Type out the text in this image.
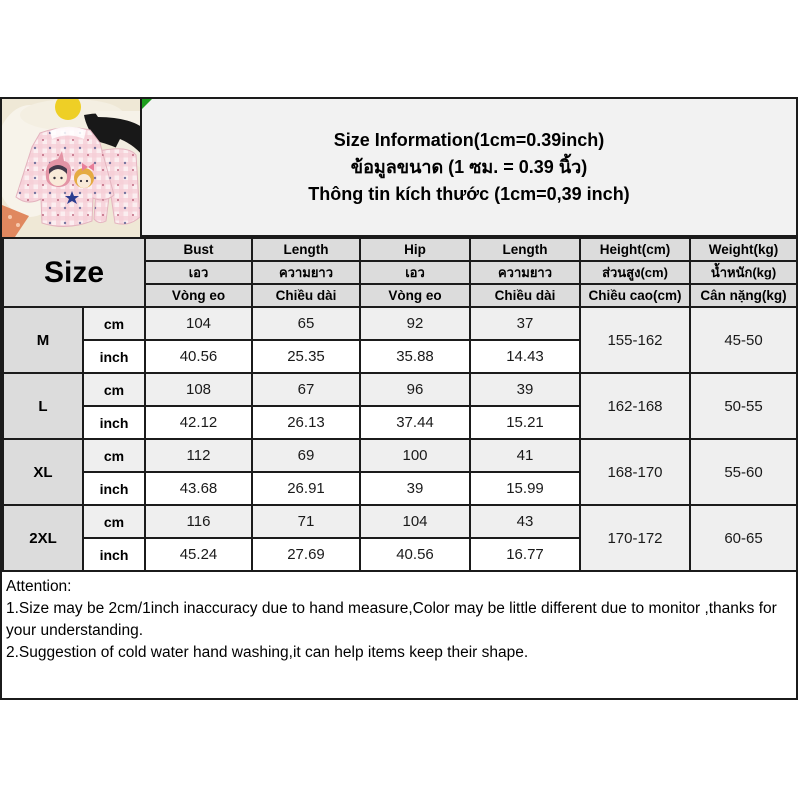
Size Information(1cm=0.39inch)
ข้อมูลขนาด (1 ซม. = 0.39 นิ้ว)
Thông tin kích thước (1cm=0,39 inch)
Size		Bust	Length	Hip	Length	Height(cm)	Weight(kg)
		เอว	ความยาว	เอว	ความยาว	ส่วนสูง(cm)	น้ำหนัก(kg)
		Vòng eo	Chiều dài	Vòng eo	Chiều dài	Chiều cao(cm)	Cân nặng(kg)
M	cm	104	65	92	37	155-162	45-50
	inch	40.56	25.35	35.88	14.43		
L	cm	108	67	96	39	162-168	50-55
	inch	42.12	26.13	37.44	15.21		
XL	cm	112	69	100	41	168-170	55-60
	inch	43.68	26.91	39	15.99		
2XL	cm	116	71	104	43	170-172	60-65
	inch	45.24	27.69	40.56	16.77		
Attention:
1.Size may be 2cm/1inch inaccuracy due to hand measure,Color may be little different due to monitor ,thanks for your understanding.
2.Suggestion of cold water hand washing,it can help items keep their shape.
